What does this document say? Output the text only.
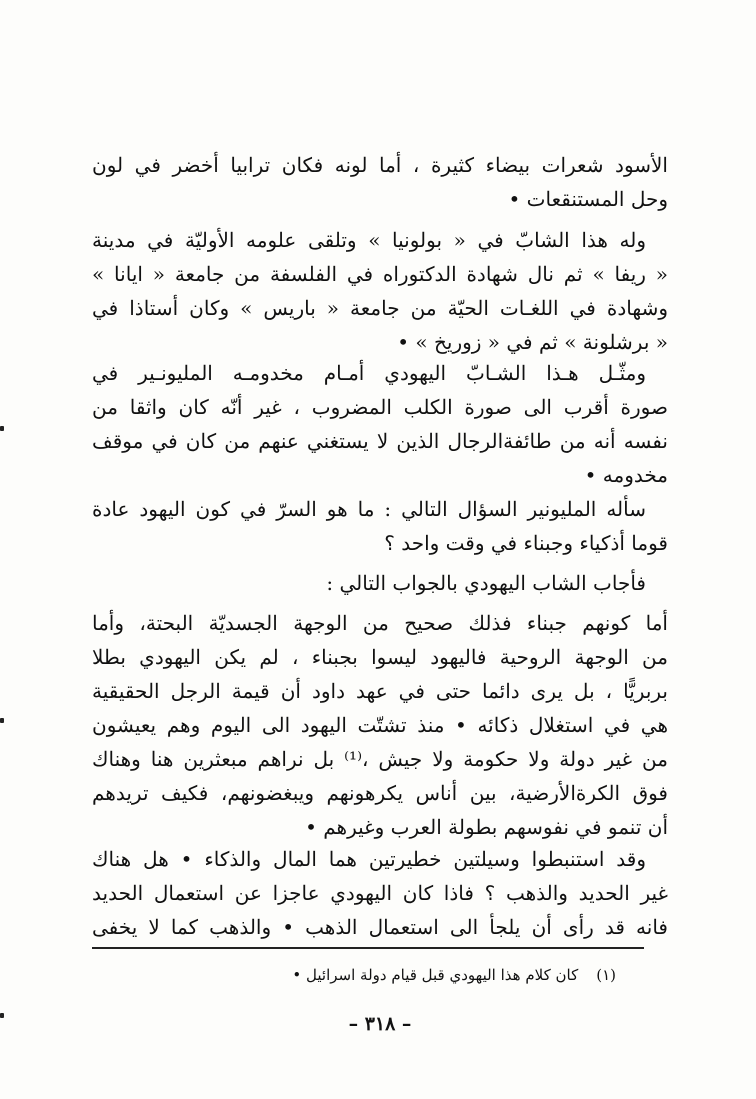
الأسود شعرات بيضاء كثيرة ، أما لونه فكان ترابيا أخضر في لون
وحل المستنقعات •
وله هذا الشابّ في « بولونيا » وتلقى علومه الأوليّة في مدينة
« ريفا » ثم نال شهادة الدكتوراه في الفلسفة من جامعة « ايانا »
وشهادة في اللغـات الحيّة من جامعة « باريس » وكان أستاذا في
« برشلونة » ثم في « زوريخ » •
ومثّـل هـذا الشـابّ اليهودي أمـام مخدومـه المليونـير في
صورة أقرب الى صورة الكلب المضروب ، غير أنّه كان واثقا من
نفسه أنه من طائفةالرجال الذين لا يستغني عنهم من كان في موقف
مخدومه •
سأله المليونير السؤال التالي : ما هو السرّ في كون اليهود عادة
قوما أذكياء وجبناء في وقت واحد ؟
فأجاب الشاب اليهودي بالجواب التالي :
أما كونهم جبناء فذلك صحيح من الوجهة الجسديّة البحتة، وأما
من الوجهة الروحية فاليهود ليسوا بجبناء ، لم يكن اليهودي بطلا
بربريًّا ، بل يرى دائما حتى في عهد داود أن قيمة الرجل الحقيقية
هي في استغلال ذكائه • منذ تشتّت اليهود الى اليوم وهم يعيشون
من غير دولة ولا حكومة ولا جيش ،⁽¹⁾ بل نراهم مبعثرين هنا وهناك
فوق الكرةالأرضية، بين أناس يكرهونهم ويبغضونهم، فكيف تريدهم
أن تنمو في نفوسهم بطولة العرب وغيرهم •
وقد استنبطوا وسيلتين خطيرتين هما المال والذكاء • هل هناك
غير الحديد والذهب ؟ فاذا كان اليهودي عاجزا عن استعمال الحديد
فانه قد رأى أن يلجأ الى استعمال الذهب • والذهب كما لا يخفى
(١)كان كلام هذا اليهودي قبل قيام دولة اسرائيل •
– ٣١٨ –
